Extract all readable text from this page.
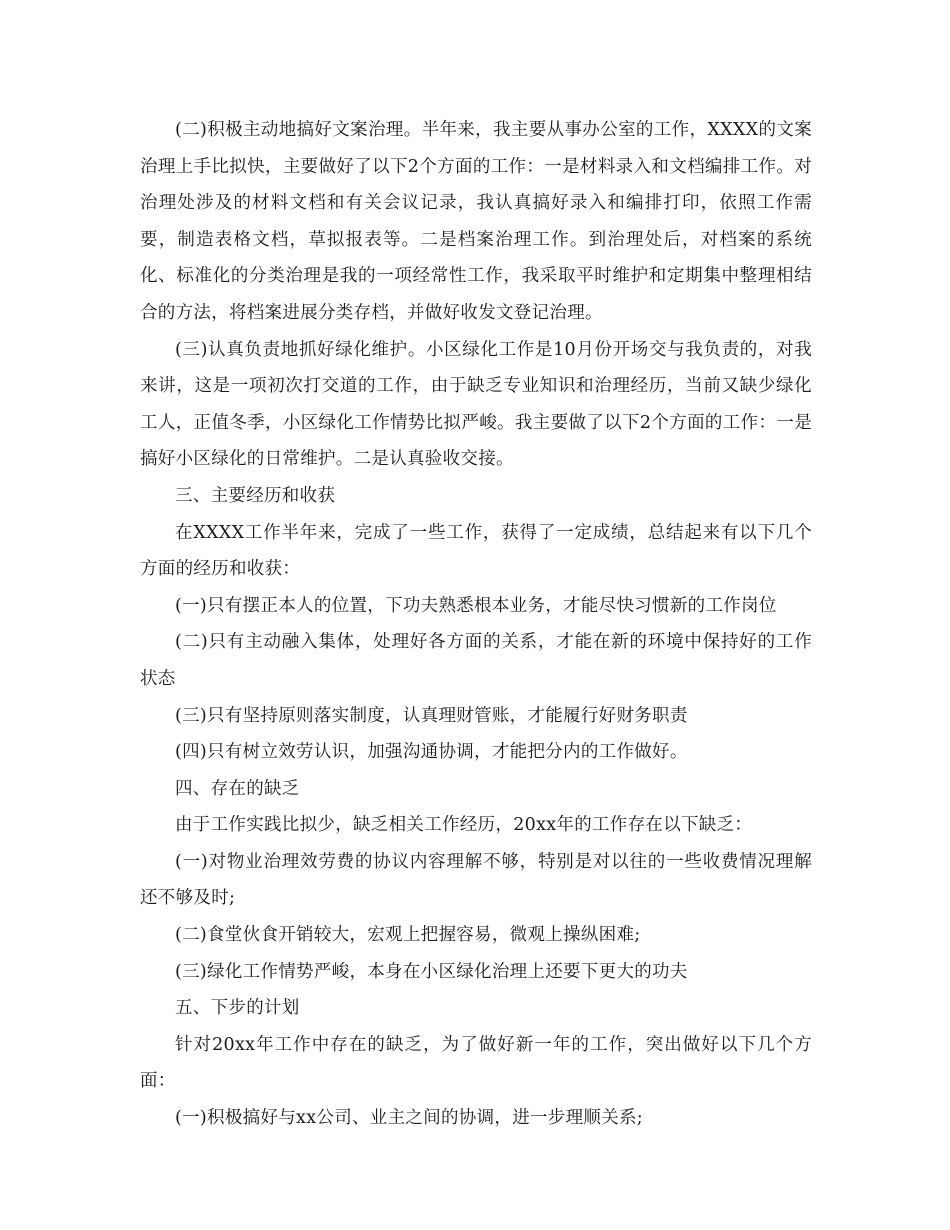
(二)积极主动地搞好文案治理。半年来，我主要从事办公室的工作，XXXX的文案治理上手比拟快，主要做好了以下2个方面的工作：一是材料录入和文档编排工作。对治理处涉及的材料文档和有关会议记录，我认真搞好录入和编排打印，依照工作需要，制造表格文档，草拟报表等。二是档案治理工作。到治理处后，对档案的系统化、标准化的分类治理是我的一项经常性工作，我采取平时维护和定期集中整理相结合的方法，将档案进展分类存档，并做好收发文登记治理。

(三)认真负责地抓好绿化维护。小区绿化工作是10月份开场交与我负责的，对我来讲，这是一项初次打交道的工作，由于缺乏专业知识和治理经历，当前又缺少绿化工人，正值冬季，小区绿化工作情势比拟严峻。我主要做了以下2个方面的工作：一是搞好小区绿化的日常维护。二是认真验收交接。

三、主要经历和收获

在XXXX工作半年来，完成了一些工作，获得了一定成绩，总结起来有以下几个方面的经历和收获：

(一)只有摆正本人的位置，下功夫熟悉根本业务，才能尽快习惯新的工作岗位

(二)只有主动融入集体，处理好各方面的关系，才能在新的环境中保持好的工作状态

(三)只有坚持原则落实制度，认真理财管账，才能履行好财务职责

(四)只有树立效劳认识，加强沟通协调，才能把分内的工作做好。

四、存在的缺乏

由于工作实践比拟少，缺乏相关工作经历，20xx年的工作存在以下缺乏：

(一)对物业治理效劳费的协议内容理解不够，特别是对以往的一些收费情况理解还不够及时;

(二)食堂伙食开销较大，宏观上把握容易，微观上操纵困难;

(三)绿化工作情势严峻，本身在小区绿化治理上还要下更大的功夫

五、下步的计划

针对20xx年工作中存在的缺乏，为了做好新一年的工作，突出做好以下几个方面：

(一)积极搞好与xx公司、业主之间的协调，进一步理顺关系;
